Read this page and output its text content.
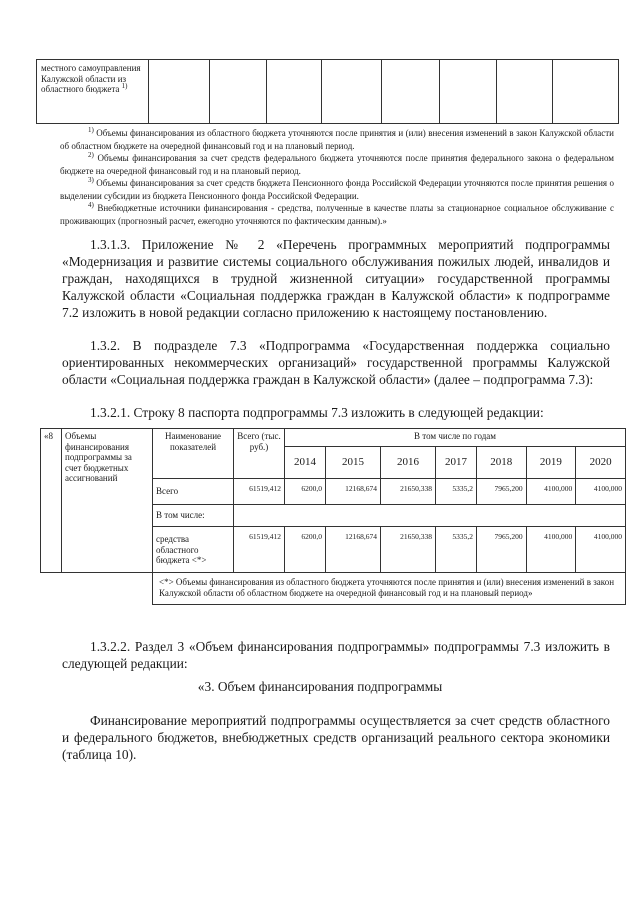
местного самоуправления Калужской области из областного бюджета $^{1)}$								

$^{1)}$ Объемы финансирования из областного бюджета уточняются после принятия и (или) внесения изменений в закон Калужской области об областном бюджете на очередной финансовый год и на плановый период.

$^{2)}$ Объемы финансирования за счет средств федерального бюджета уточняются после принятия федерального закона о федеральном бюджете на очередной финансовый год и на плановый период.

$^{3)}$ Объемы финансирования за счет средств бюджета Пенсионного фонда Российской Федерации уточняются после принятия решения о выделении субсидии из бюджета Пенсионного фонда Российской Федерации.

$^{4)}$ Внебюджетные источники финансирования - средства, полученные в качестве платы за стационарное социальное обслуживание с проживающих (прогнозный расчет, ежегодно уточняются по фактическим данным).»

1.3.1.3. Приложение № 2 «Перечень программных мероприятий подпрограммы «Модернизация и развитие системы социального обслуживания пожилых людей, инвалидов и граждан, находящихся в трудной жизненной ситуации» государственной программы Калужской области «Социальная поддержка граждан в Калужской области» к подпрограмме 7.2 изложить в новой редакции согласно приложению к настоящему постановлению.

1.3.2. В подразделе 7.3 «Подпрограмма «Государственная поддержка социально ориентированных некоммерческих организаций» государственной программы Калужской области «Социальная поддержка граждан в Калужской области» (далее – подпрограмма 7.3):

1.3.2.1. Строку 8 паспорта подпрограммы 7.3 изложить в следующей редакции:

«8	Объемы финансирования подпрограммы за счет бюджетных ассигнований	Наименование показателей	Всего (тыс. руб.)	В том числе по годам						
				2014	2015	2016	2017	2018	2019	2020
		Всего	61519,412	6200,0	12168,674	21650,338	5335,2	7965,200	4100,000	4100,000
		В том числе:								
		средства областного бюджета <*>	61519,412	6200,0	12168,674	21650,338	5335,2	7965,200	4100,000	4100,000
		<*> Объемы финансирования из областного бюджета уточняются после принятия и (или) внесения изменений в закон Калужской области об областном бюджете на очередной финансовый год и на плановый период»								

1.3.2.2. Раздел 3 «Объем финансирования подпрограммы» подпрограммы 7.3 изложить в следующей редакции:

«3. Объем финансирования подпрограммы

Финансирование мероприятий подпрограммы осуществляется за счет средств областного и федерального бюджетов, внебюджетных средств организаций реального сектора экономики (таблица 10).
